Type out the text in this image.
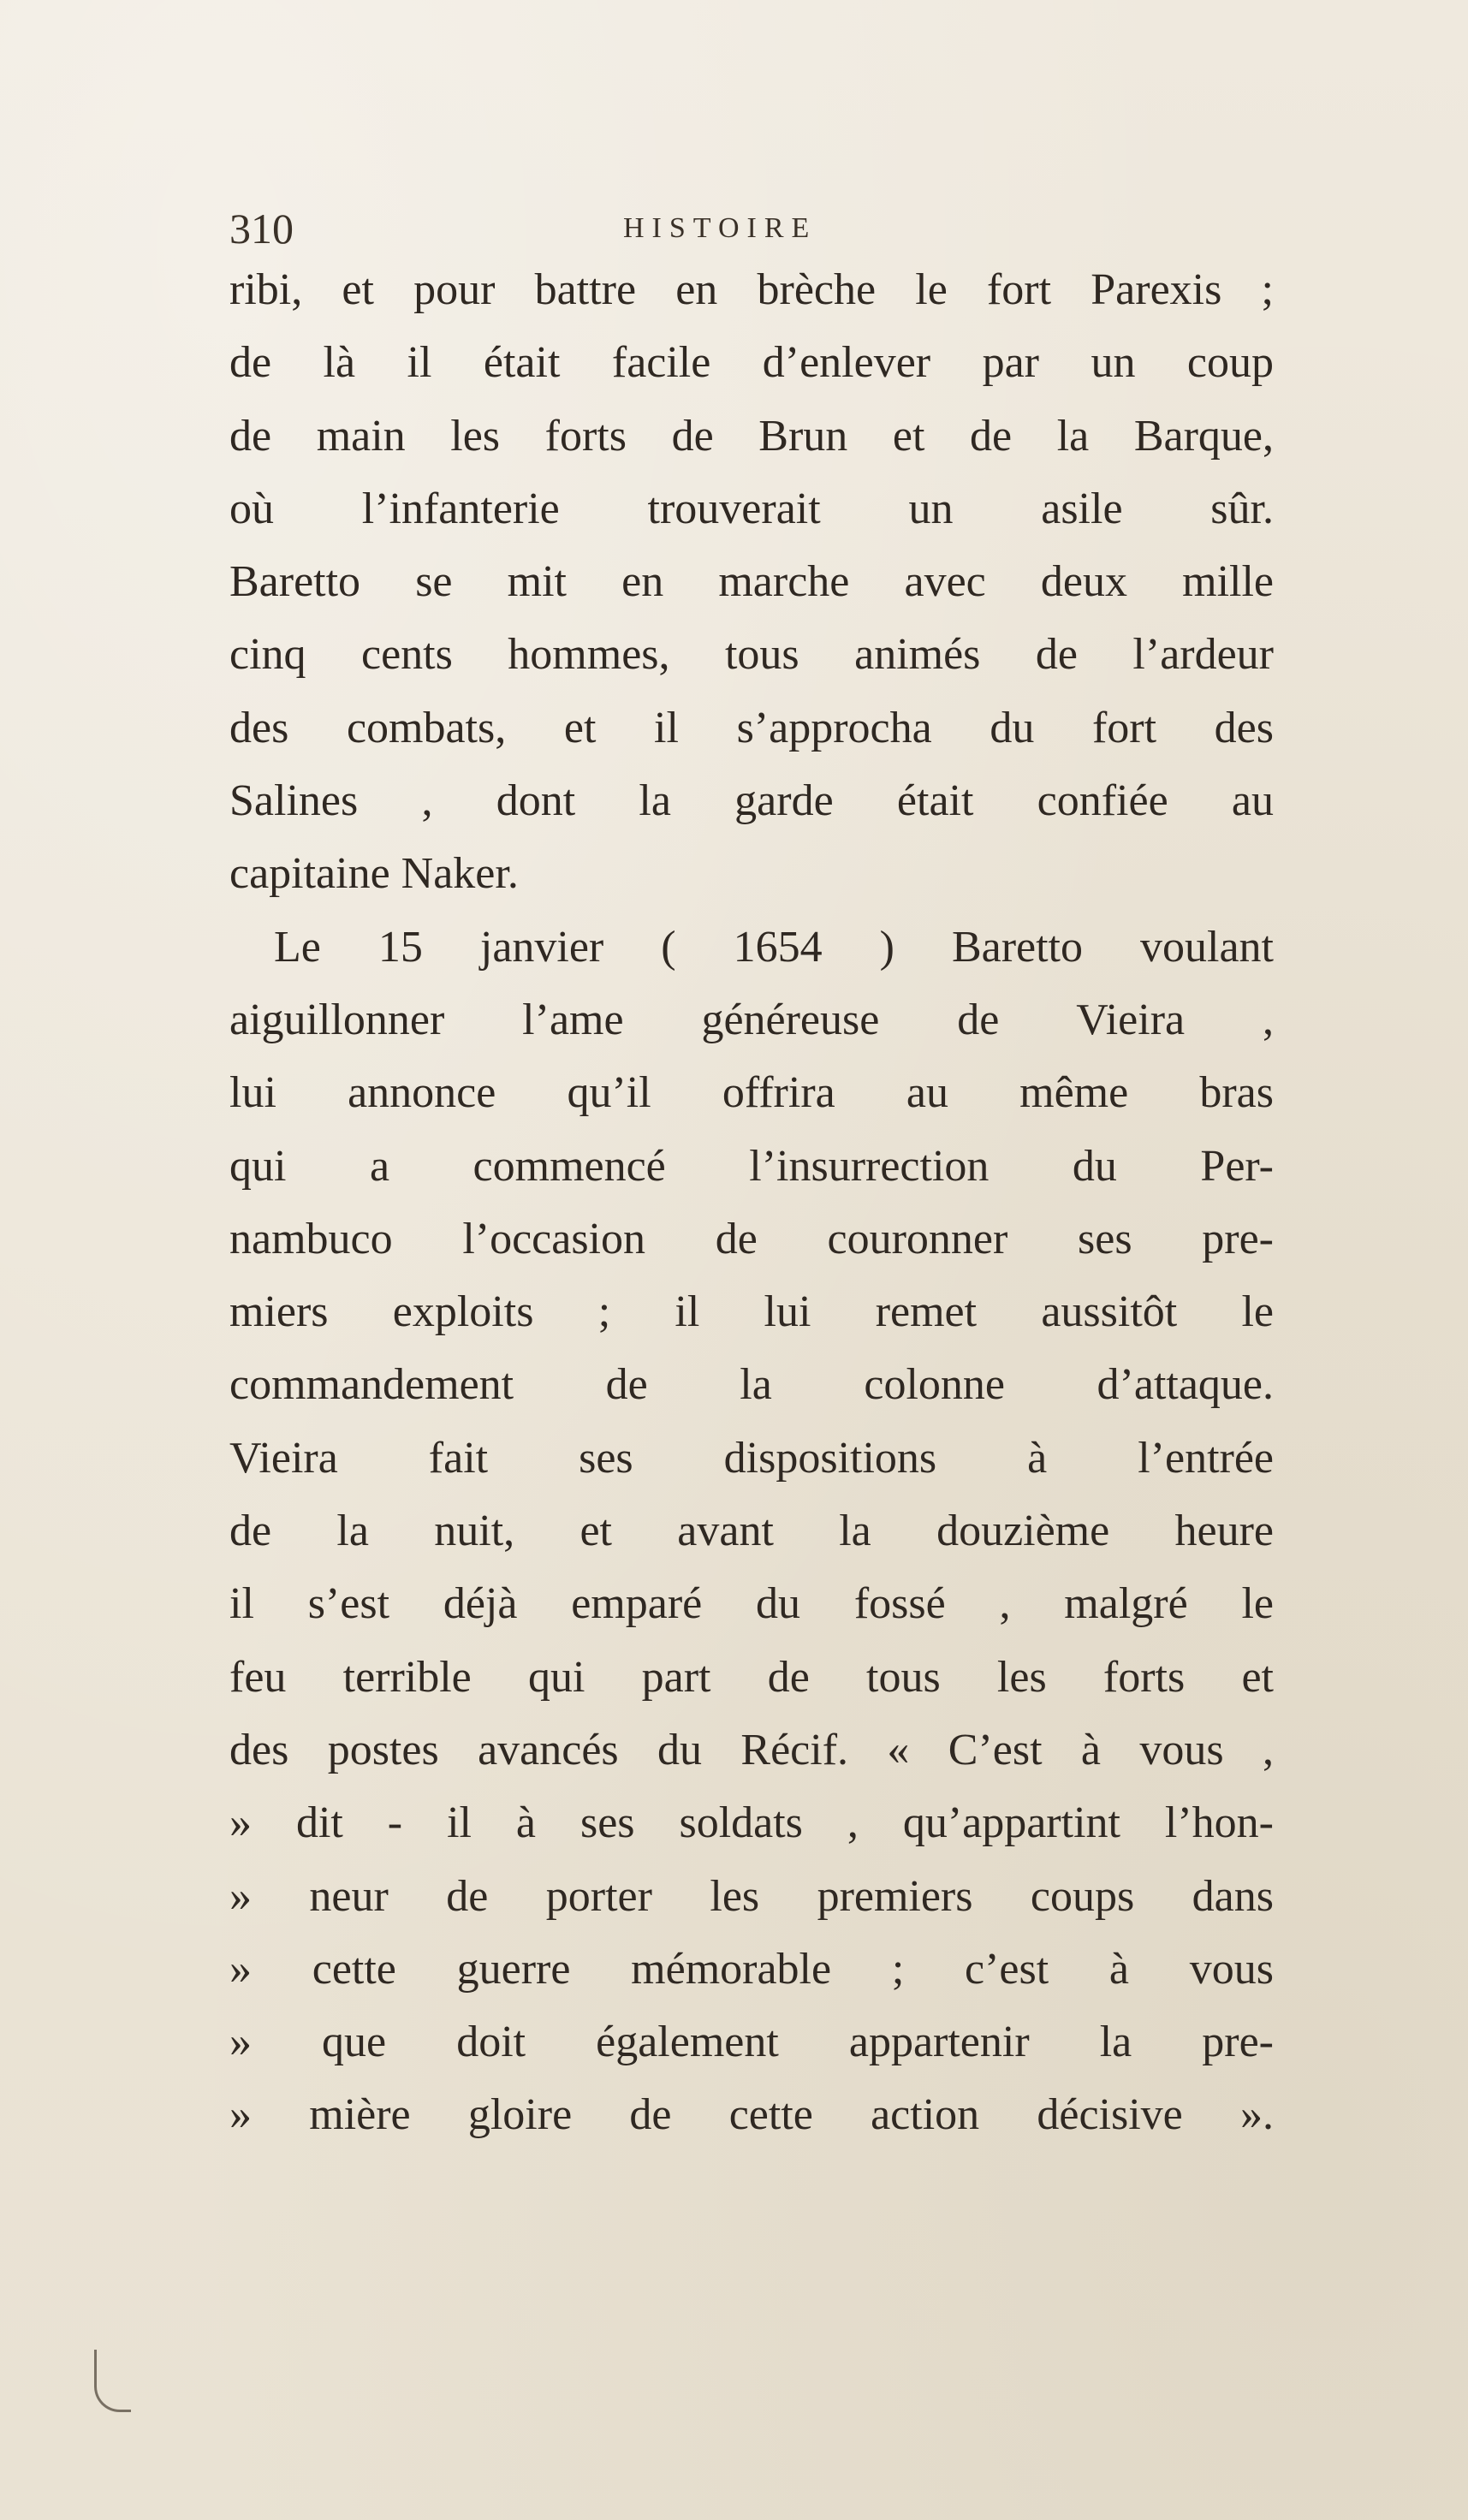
310	HISTOIRE
ribi, et pour battre en brèche le fort Parexis ;
de là il était facile d’enlever par un coup
de main les forts de Brun et de la Barque,
où l’infanterie trouverait un asile sûr.
Baretto se mit en marche avec deux mille
cinq cents hommes, tous animés de l’ardeur
des combats, et il s’approcha du fort des
Salines , dont la garde était confiée au
capitaine Naker.
Le 15 janvier ( 1654 ) Baretto voulant
aiguillonner l’ame généreuse de Vieira ,
lui annonce qu’il offrira au même bras
qui a commencé l’insurrection du Per-
nambuco l’occasion de couronner ses pre-
miers exploits ; il lui remet aussitôt le
commandement de la colonne d’attaque.
Vieira fait ses dispositions à l’entrée
de la nuit, et avant la douzième heure
il s’est déjà emparé du fossé , malgré le
feu terrible qui part de tous les forts et
des postes avancés du Récif. « C’est à vous ,
» dit - il à ses soldats , qu’appartint l’hon-
» neur de porter les premiers coups dans
» cette guerre mémorable ; c’est à vous
» que doit également appartenir la pre-
» mière gloire de cette action décisive ».
